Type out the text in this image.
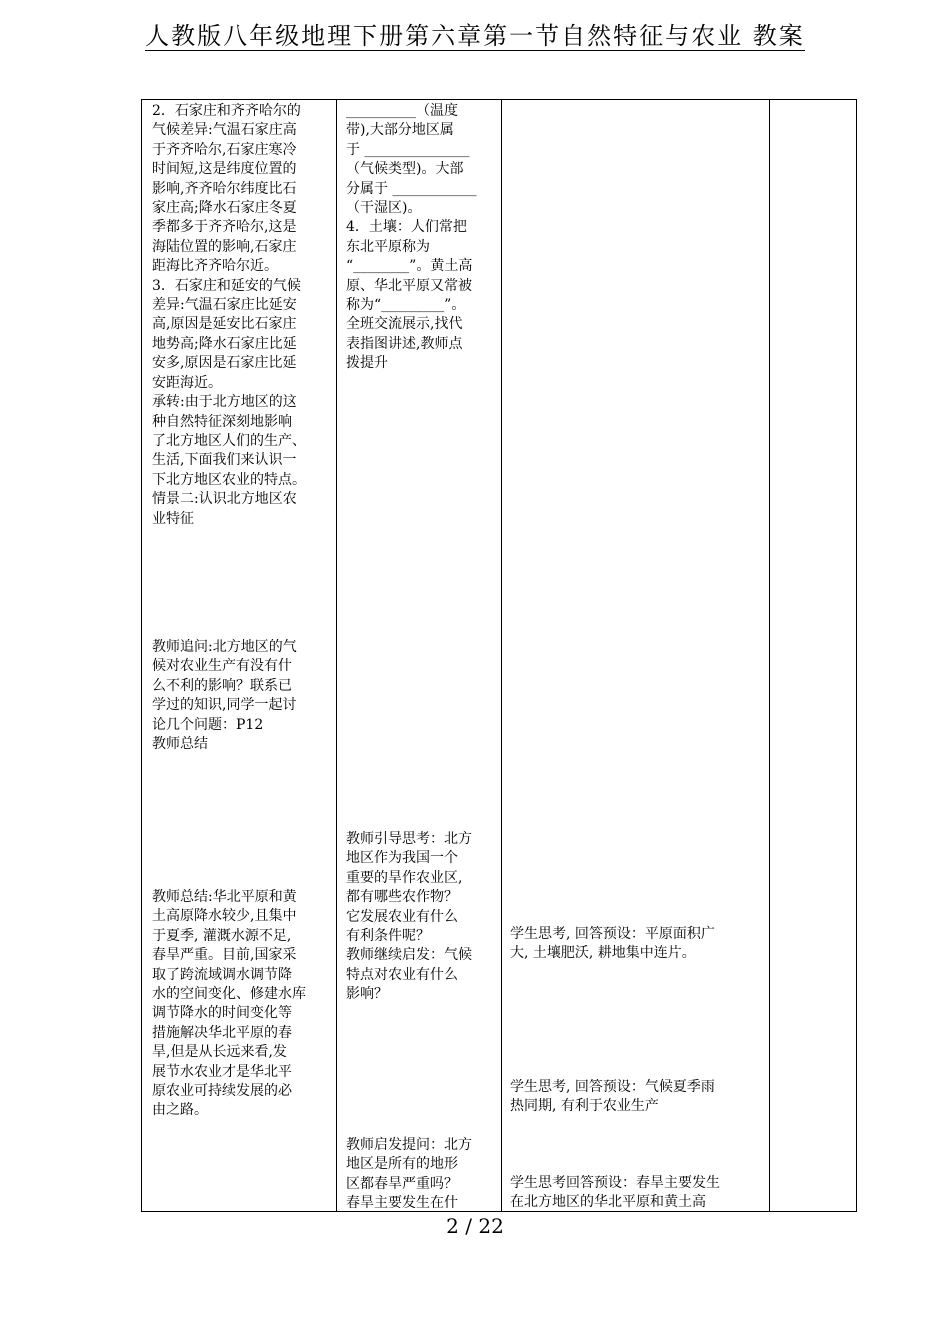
人教版八年级地理下册第六章第一节自然特征与农业 教案
2．石家庄和齐齐哈尔的
气候差异:气温石家庄高
于齐齐哈尔,石家庄寒冷
时间短,这是纬度位置的
影响,齐齐哈尔纬度比石
家庄高;降水石家庄冬夏
季都多于齐齐哈尔,这是
海陆位置的影响,石家庄
距海比齐齐哈尔近。
3．石家庄和延安的气候
差异:气温石家庄比延安
高,原因是延安比石家庄
地势高;降水石家庄比延
安多,原因是石家庄比延
安距海近。
承转:由于北方地区的这
种自然特征深刻地影响
了北方地区人们的生产、
生活,下面我们来认识一
下北方地区农业的特点。
情景二:认识北方地区农
业特征
教师追问:北方地区的气
候对农业生产有没有什
么不利的影响？联系已
学过的知识,同学一起讨
论几个问题：P12
教师总结
教师总结:华北平原和黄
土高原降水较少,且集中
于夏季, 灌溉水源不足,
春旱严重。目前,国家采
取了跨流域调水调节降
水的空间变化、修建水库
调节降水的时间变化等
措施解决华北平原的春
旱,但是从长远来看,发
展节水农业才是华北平
原农业可持续发展的必
由之路。
__________（温度
带),大部分地区属
于 _______________
（气候类型)。大部
分属于 ____________
（干湿区)。
4．土壤：人们常把
东北平原称为
“________”。黄土高
原、华北平原又常被
称为“_________”。
全班交流展示,找代
表指图讲述,教师点
拨提升
教师引导思考：北方
地区作为我国一个
重要的旱作农业区,
都有哪些农作物？
它发展农业有什么
有利条件呢？
教师继续启发：气候
特点对农业有什么
影响？
教师启发提问：北方
地区是所有的地形
区都春旱严重吗？
春旱主要发生在什
学生思考, 回答预设：平原面积广
大, 土壤肥沃, 耕地集中连片。
学生思考, 回答预设：气候夏季雨
热同期, 有利于农业生产
学生思考回答预设：春旱主要发生
在北方地区的华北平原和黄土高
2 / 22
